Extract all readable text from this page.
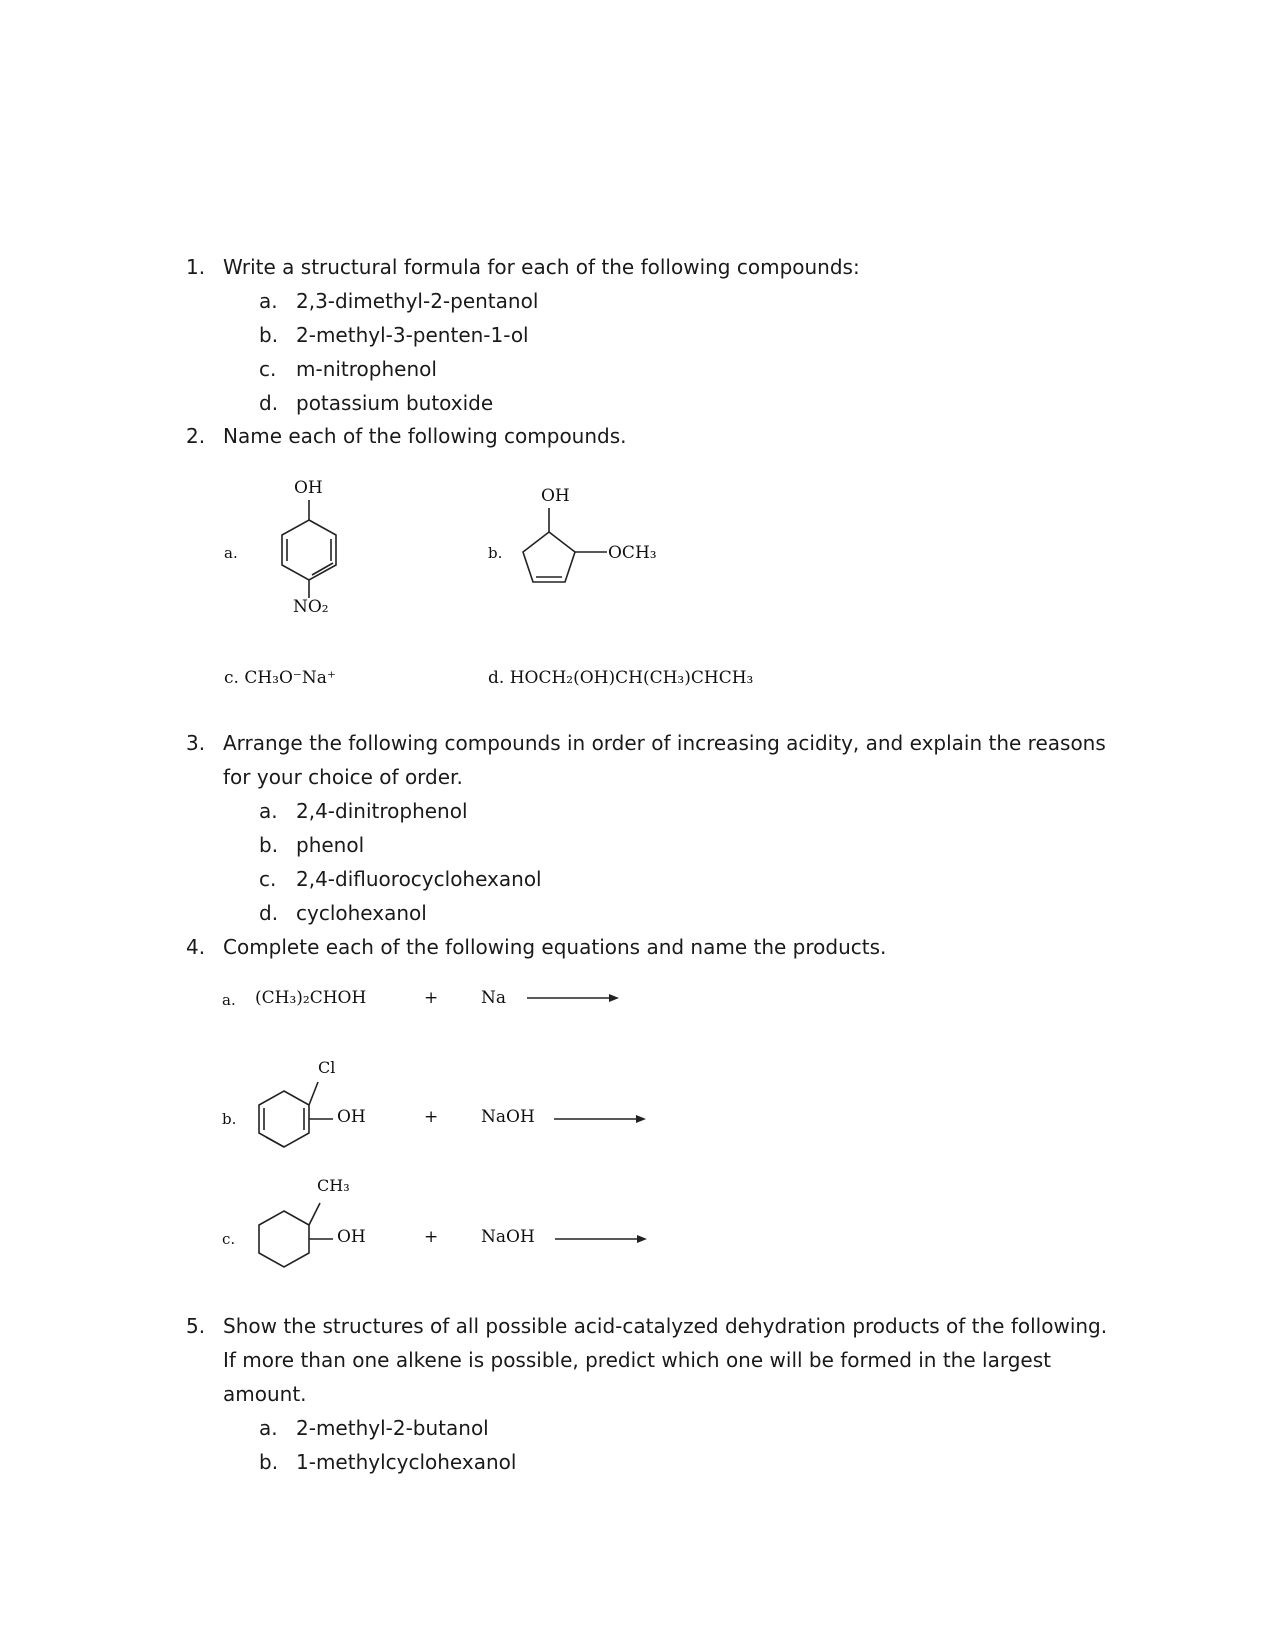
1. Write a structural formula for each of the following compounds:
a. 2,3-dimethyl-2-pentanol
b. 2-methyl-3-penten-1-ol
c. m-nitrophenol
d. potassium butoxide
2. Name each of the following compounds.
a.
OH
NO₂
b.
OH
OCH₃
c. CH₃O⁻Na⁺	d. HOCH₂(OH)CH(CH₃)CHCH₃
3. Arrange the following compounds in order of increasing acidity, and explain the reasons
for your choice of order.
a. 2,4-dinitrophenol
b. phenol
c. 2,4-difluorocyclohexanol
d. cyclohexanol
4. Complete each of the following equations and name the products.
a. (CH₃)₂CHOH	+	Na
b.
Cl
OH	+	NaOH
c.
CH₃
OH	+	NaOH
5. Show the structures of all possible acid-catalyzed dehydration products of the following.
If more than one alkene is possible, predict which one will be formed in the largest
amount.
a. 2-methyl-2-butanol
b. 1-methylcyclohexanol
